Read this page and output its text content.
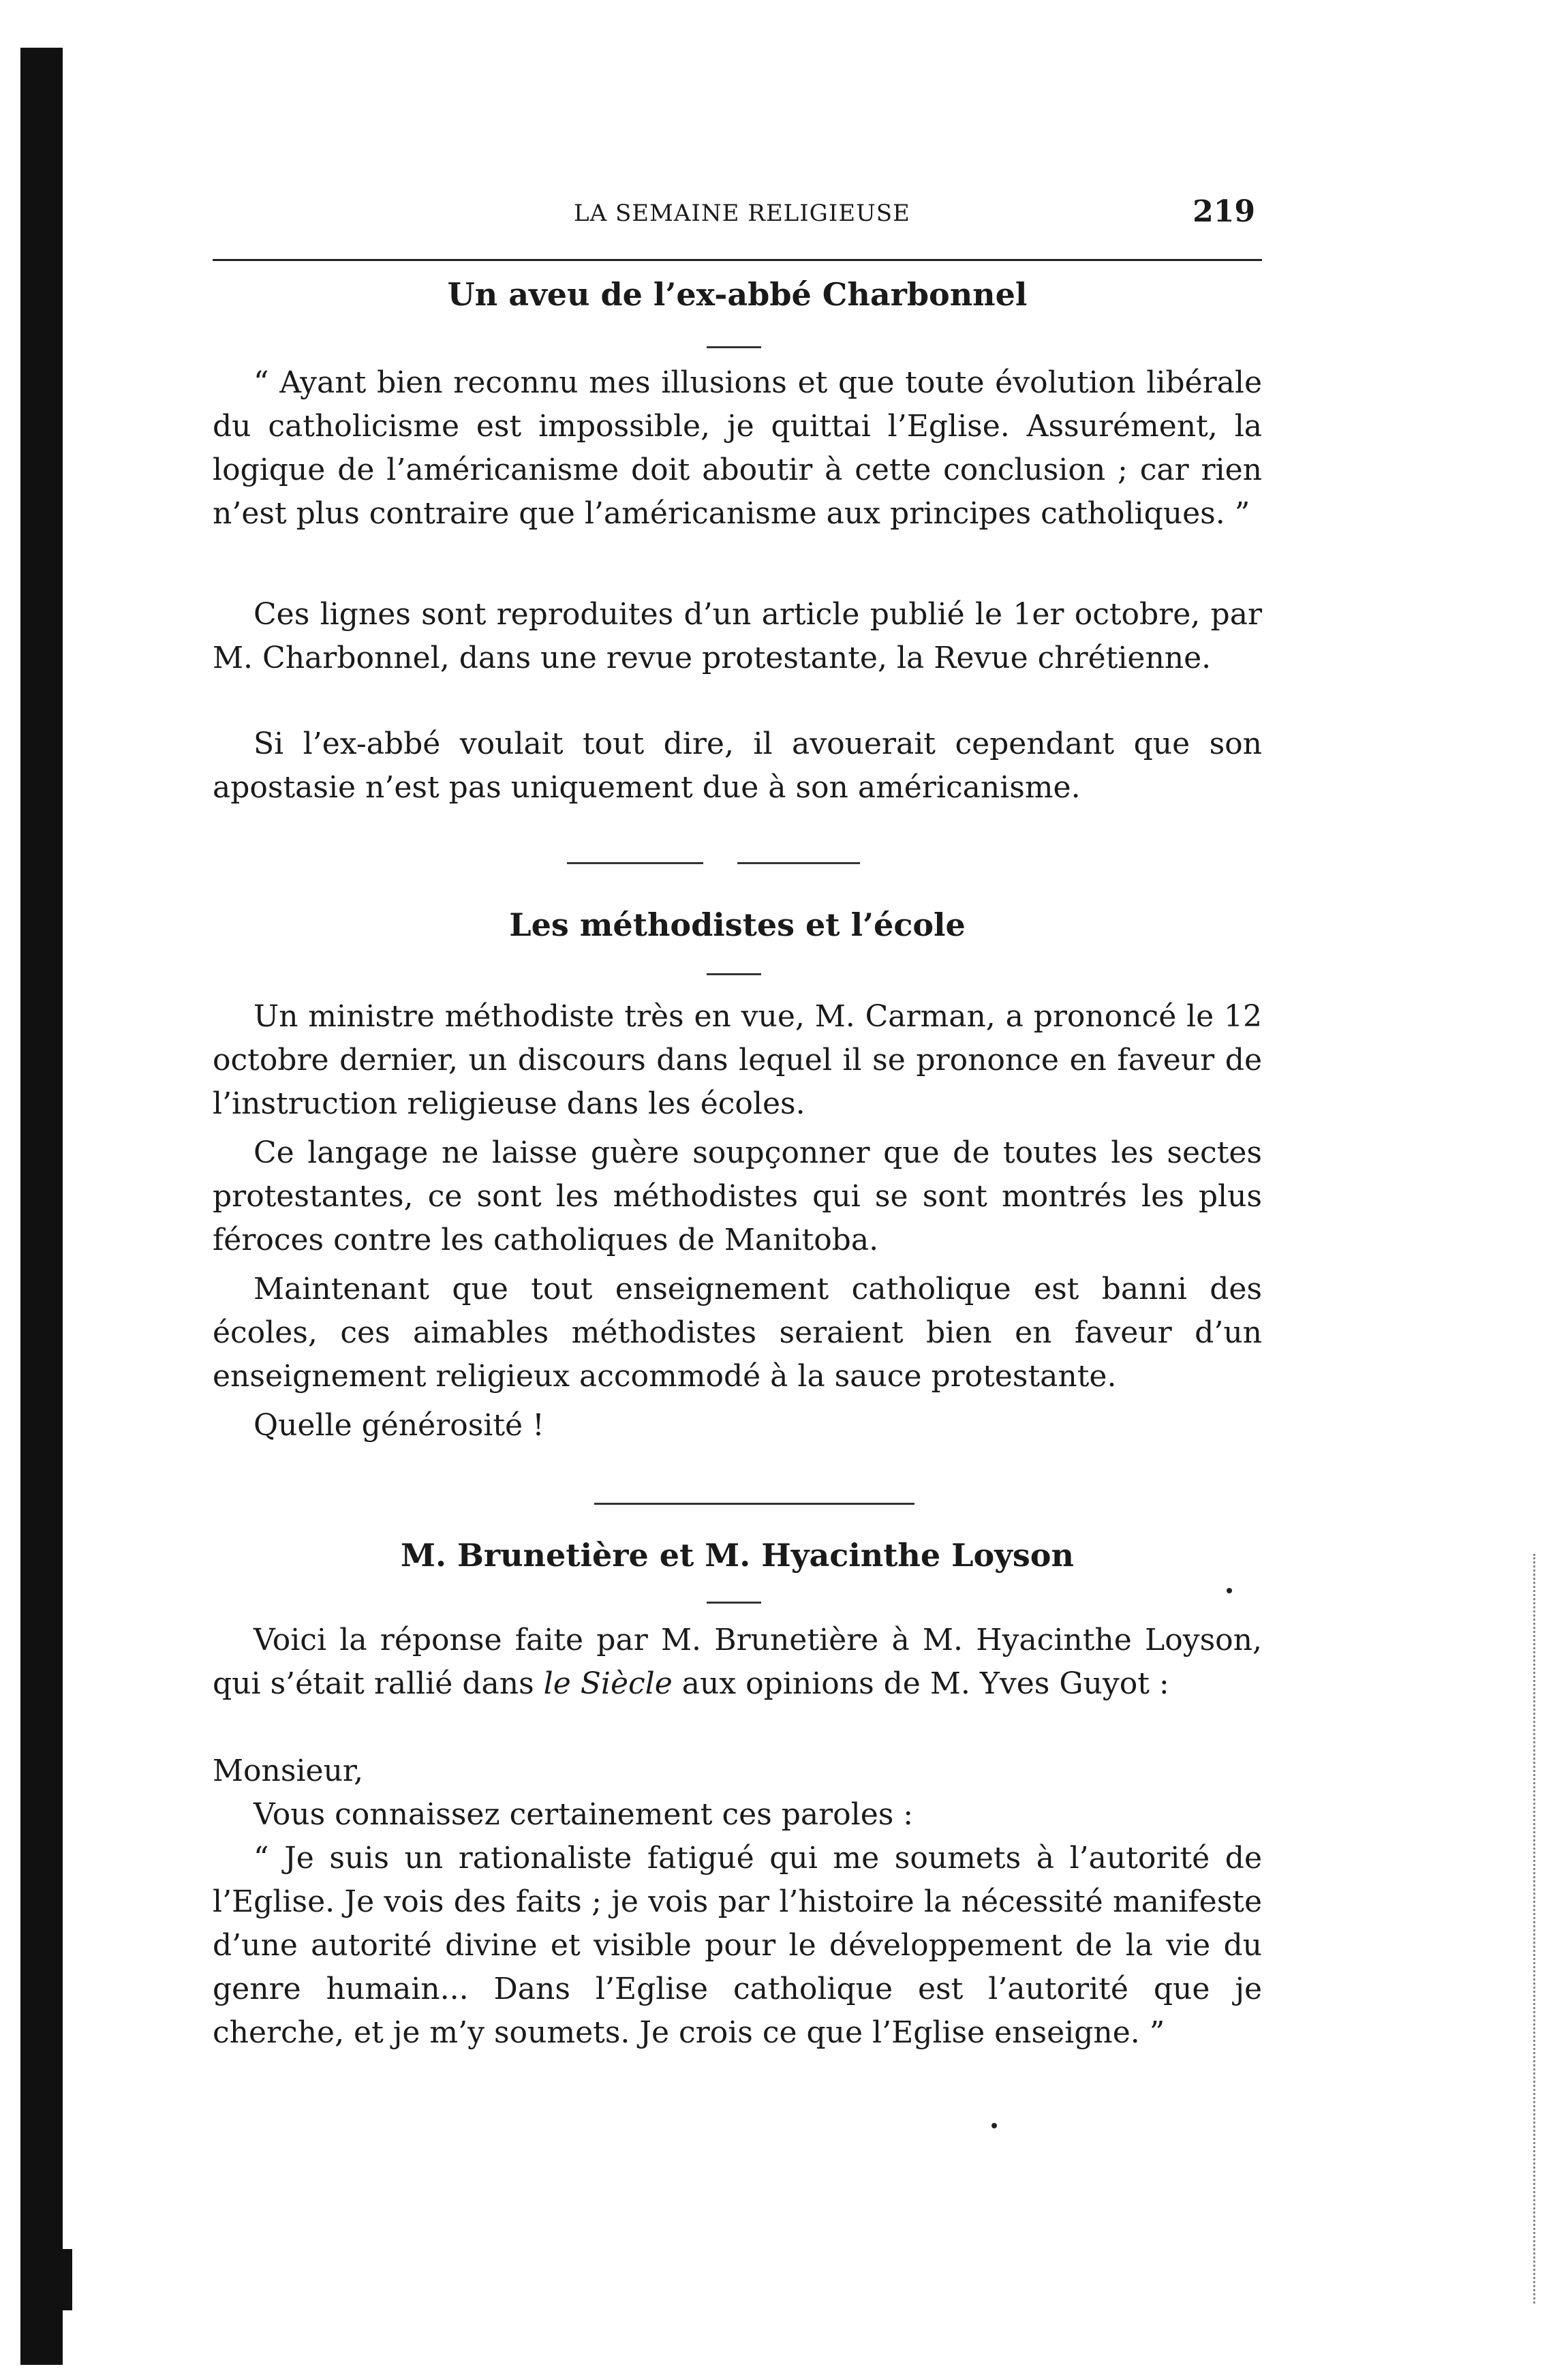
LA SEMAINE RELIGIEUSE	219
Un aveu de l’ex-abbé Charbonnel

“ Ayant bien reconnu mes illusions et que toute évolution libérale du catholicisme est impossible, je quittai l’Eglise. Assurément, la logique de l’américanisme doit aboutir à cette conclusion ; car rien n’est plus contraire que l’américanisme aux principes catholiques. ”

Ces lignes sont reproduites d’un article publié le 1er octobre, par M. Charbonnel, dans une revue protestante, la Revue chrétienne.

Si l’ex-abbé voulait tout dire, il avouerait cependant que son apostasie n’est pas uniquement due à son américanisme.

Les méthodistes et l’école

Un ministre méthodiste très en vue, M. Carman, a prononcé le 12 octobre dernier, un discours dans lequel il se prononce en faveur de l’instruction religieuse dans les écoles.

Ce langage ne laisse guère soupçonner que de toutes les sectes protestantes, ce sont les méthodistes qui se sont montrés les plus féroces contre les catholiques de Manitoba.

Maintenant que tout enseignement catholique est banni des écoles, ces aimables méthodistes seraient bien en faveur d’un enseignement religieux accommodé à la sauce protestante.

Quelle générosité !

M. Brunetière et M. Hyacinthe Loyson

Voici la réponse faite par M. Brunetière à M. Hyacinthe Loyson, qui s’était rallié dans le Siècle aux opinions de M. Yves Guyot :

Monsieur,

Vous connaissez certainement ces paroles :

“ Je suis un rationaliste fatigué qui me soumets à l’autorité de l’Eglise. Je vois des faits ; je vois par l’histoire la nécessité manifeste d’une autorité divine et visible pour le développement de la vie du genre humain... Dans l’Eglise catholique est l’autorité que je cherche, et je m’y soumets. Je crois ce que l’Eglise enseigne. ”
